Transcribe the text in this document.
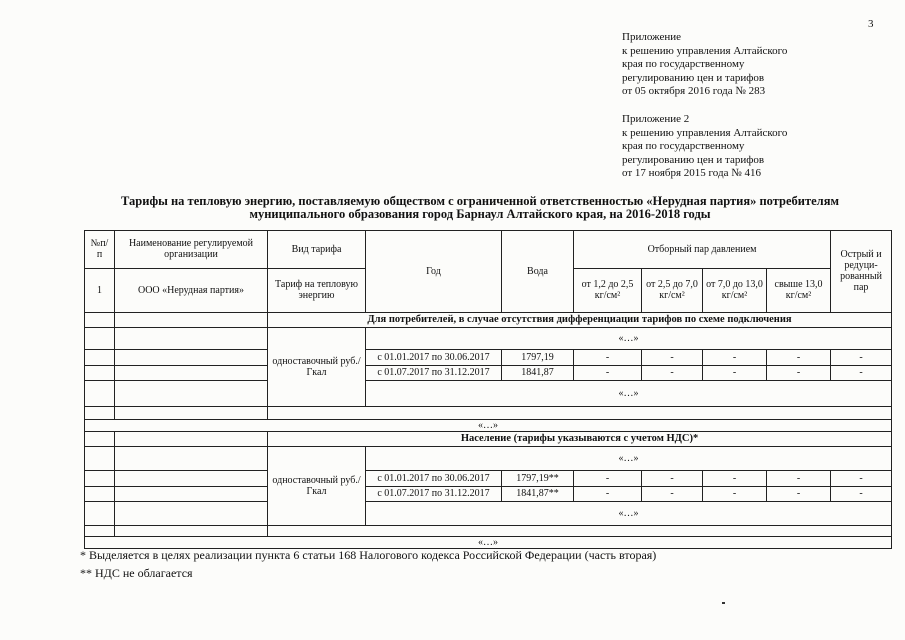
3
Приложение
к решению управления Алтайского
края по государственному
регулированию цен и тарифов
от 05 октября 2016 года № 283
Приложение 2
к решению управления Алтайского
края по государственному
регулированию цен и тарифов
от 17 ноября 2015 года № 416
Тарифы на тепловую энергию, поставляемую обществом с ограниченной ответственностью «Нерудная партия» потребителям
муниципального образования город Барнаул Алтайского края, на 2016-2018 годы
№п/п	Наименование регулируемой организации	Вид тарифа	Год	Вода	Отборный пар давлением				Острый и редуци-рованный пар
1	ООО «Нерудная партия»	Тариф на тепловую энергию			от 1,2 до 2,5 кг/см²	от 2,5 до 7,0 кг/см²	от 7,0 до 13,0 кг/см²	свыше 13,0 кг/см²	
		Для потребителей, в случае отсутствия дифференциации тарифов по схеме подключения							
		одноставочный руб./Гкал	«…»						
			с 01.01.2017 по 30.06.2017	1797,19	-	-	-	-	-
			с 01.07.2017 по 31.12.2017	1841,87	-	-	-	-	-
			«…»						

«…»									
		Население (тарифы указываются с учетом НДС)*							
		одноставочный руб./Гкал	«…»						
			с 01.01.2017 по 30.06.2017	1797,19**	-	-	-	-	-
			с 01.07.2017 по 31.12.2017	1841,87**	-	-	-	-	-
			«…»						

«…»									
* Выделяется в целях реализации пункта 6 статьи 168 Налогового кодекса Российской Федерации (часть вторая)
** НДС не облагается
